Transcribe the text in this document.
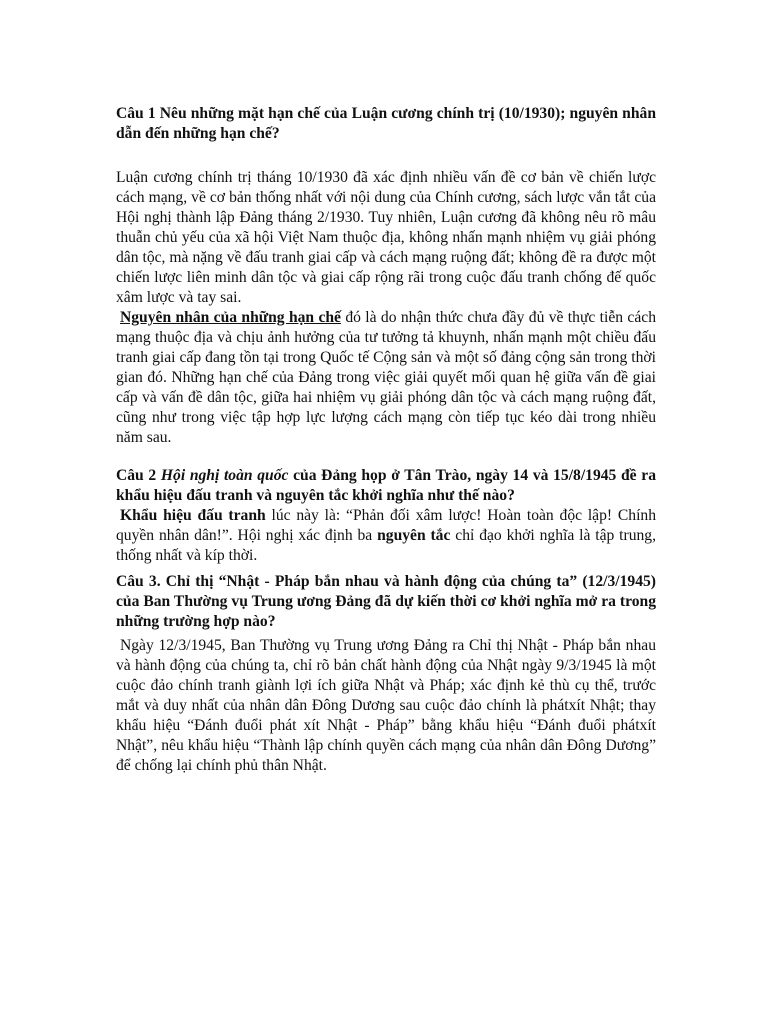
Câu 1 Nêu những mặt hạn chế của Luận cương chính trị (10/1930); nguyên nhân dẫn đến những hạn chế?

Luận cương chính trị tháng 10/1930 đã xác định nhiều vấn đề cơ bản về chiến lược cách mạng, về cơ bản thống nhất với nội dung của Chính cương, sách lược vắn tắt của Hội nghị thành lập Đảng tháng 2/1930. Tuy nhiên, Luận cương đã không nêu rõ mâu thuẫn chủ yếu của xã hội Việt Nam thuộc địa, không nhấn mạnh nhiệm vụ giải phóng dân tộc, mà nặng về đấu tranh giai cấp và cách mạng ruộng đất; không đề ra được một chiến lược liên minh dân tộc và giai cấp rộng rãi trong cuộc đấu tranh chống đế quốc xâm lược và tay sai.

Nguyên nhân của những hạn chế đó là do nhận thức chưa đầy đủ về thực tiễn cách mạng thuộc địa và chịu ảnh hưởng của tư tưởng tả khuynh, nhấn mạnh một chiều đấu tranh giai cấp đang tồn tại trong Quốc tế Cộng sản và một số đảng cộng sản trong thời gian đó. Những hạn chế của Đảng trong việc giải quyết mối quan hệ giữa vấn đề giai cấp và vấn đề dân tộc, giữa hai nhiệm vụ giải phóng dân tộc và cách mạng ruộng đất, cũng như trong việc tập hợp lực lượng cách mạng còn tiếp tục kéo dài trong nhiều năm sau.

Câu 2 Hội nghị toàn quốc của Đảng họp ở Tân Trào, ngày 14 và 15/8/1945 đề ra khẩu hiệu đấu tranh và nguyên tắc khởi nghĩa như thế nào?

Khẩu hiệu đấu tranh lúc này là: “Phản đối xâm lược! Hoàn toàn độc lập! Chính quyền nhân dân!”. Hội nghị xác định ba nguyên tắc chỉ đạo khởi nghĩa là tập trung, thống nhất và kíp thời.

Câu 3. Chỉ thị “Nhật - Pháp bắn nhau và hành động của chúng ta” (12/3/1945) của Ban Thường vụ Trung ương Đảng đã dự kiến thời cơ khởi nghĩa mở ra trong những trường hợp nào?

Ngày 12/3/1945, Ban Thường vụ Trung ương Đảng ra Chỉ thị Nhật - Pháp bắn nhau và hành động của chúng ta, chỉ rõ bản chất hành động của Nhật ngày 9/3/1945 là một cuộc đảo chính tranh giành lợi ích giữa Nhật và Pháp; xác định kẻ thù cụ thể, trước mắt và duy nhất của nhân dân Đông Dương sau cuộc đảo chính là phátxít Nhật; thay khẩu hiệu “Đánh đuổi phát xít Nhật - Pháp” bằng khẩu hiệu “Đánh đuổi phátxít Nhật”, nêu khẩu hiệu “Thành lập chính quyền cách mạng của nhân dân Đông Dương” để chống lại chính phủ thân Nhật.
